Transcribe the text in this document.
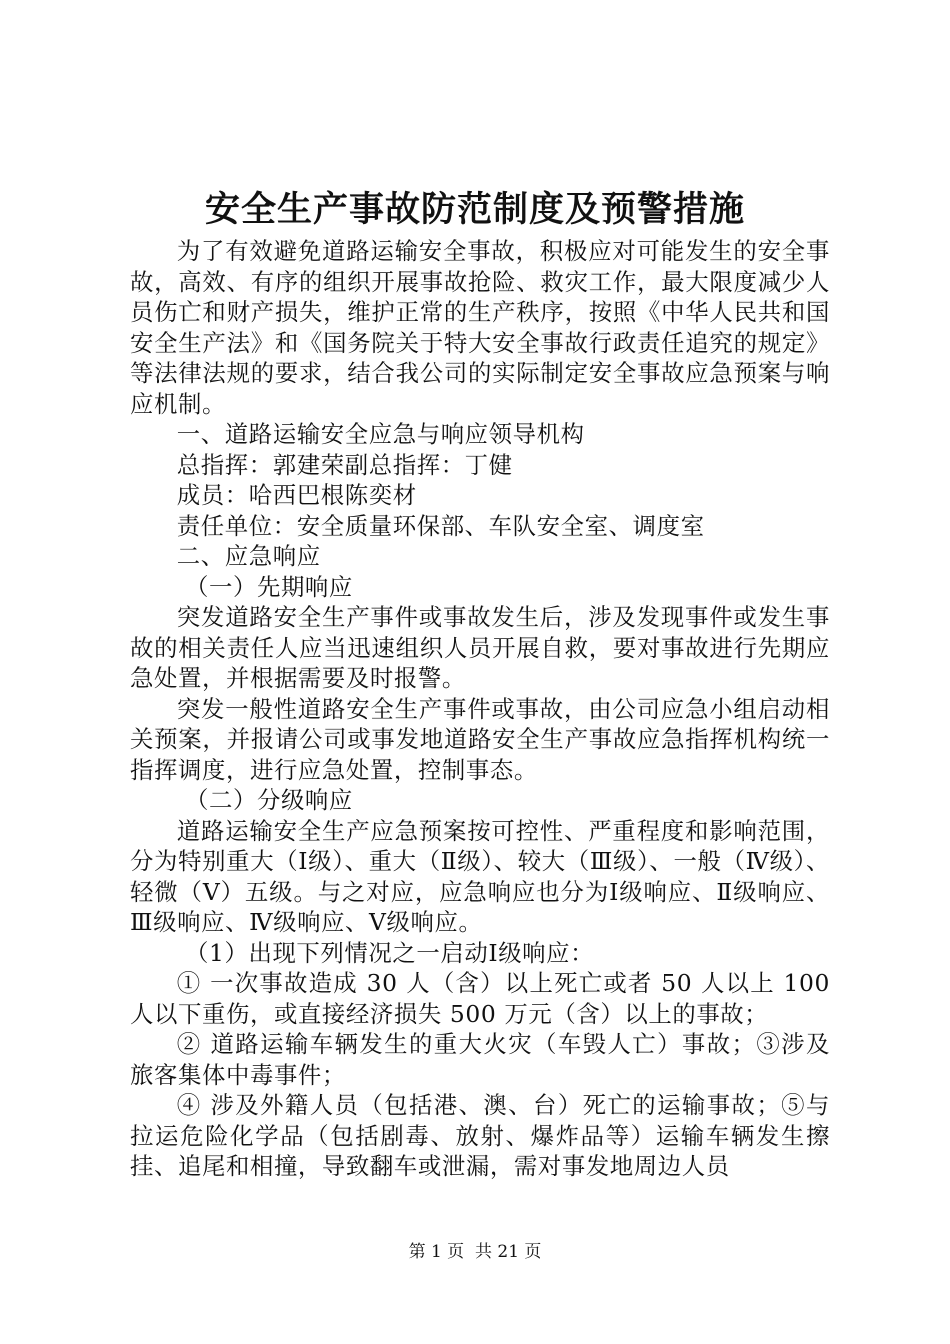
安全生产事故防范制度及预警措施

为了有效避免道路运输安全事故，积极应对可能发生的安全事故，高效、有序的组织开展事故抢险、救灾工作，最大限度减少人员伤亡和财产损失，维护正常的生产秩序，按照《中华人民共和国安全生产法》和《国务院关于特大安全事故行政责任追究的规定》等法律法规的要求，结合我公司的实际制定安全事故应急预案与响应机制。

一、道路运输安全应急与响应领导机构
总指挥：郭建荣副总指挥：丁健
成员：哈西巴根陈奕材
责任单位：安全质量环保部、车队安全室、调度室
二、应急响应
（一）先期响应

突发道路安全生产事件或事故发生后，涉及发现事件或发生事故的相关责任人应当迅速组织人员开展自救，要对事故进行先期应急处置，并根据需要及时报警。

突发一般性道路安全生产事件或事故，由公司应急小组启动相关预案，并报请公司或事发地道路安全生产事故应急指挥机构统一指挥调度，进行应急处置，控制事态。

（二）分级响应

道路运输安全生产应急预案按可控性、严重程度和影响范围，分为特别重大（Ⅰ级）、重大（Ⅱ级）、较大（Ⅲ级）、一般（Ⅳ级）、轻微（Ⅴ）五级。与之对应，应急响应也分为Ⅰ级响应、Ⅱ级响应、Ⅲ级响应、Ⅳ级响应、Ⅴ级响应。

（1）出现下列情况之一启动Ⅰ级响应：

① 一次事故造成 30 人（含）以上死亡或者 50 人以上 100 人以下重伤，或直接经济损失 500 万元（含）以上的事故；

② 道路运输车辆发生的重大火灾（车毁人亡）事故；③涉及旅客集体中毒事件；

④ 涉及外籍人员（包括港、澳、台）死亡的运输事故；⑤与拉运危险化学品（包括剧毒、放射、爆炸品等）运输车辆发生擦挂、追尾和相撞，导致翻车或泄漏，需对事发地周边人员

第 1 页  共 21 页
